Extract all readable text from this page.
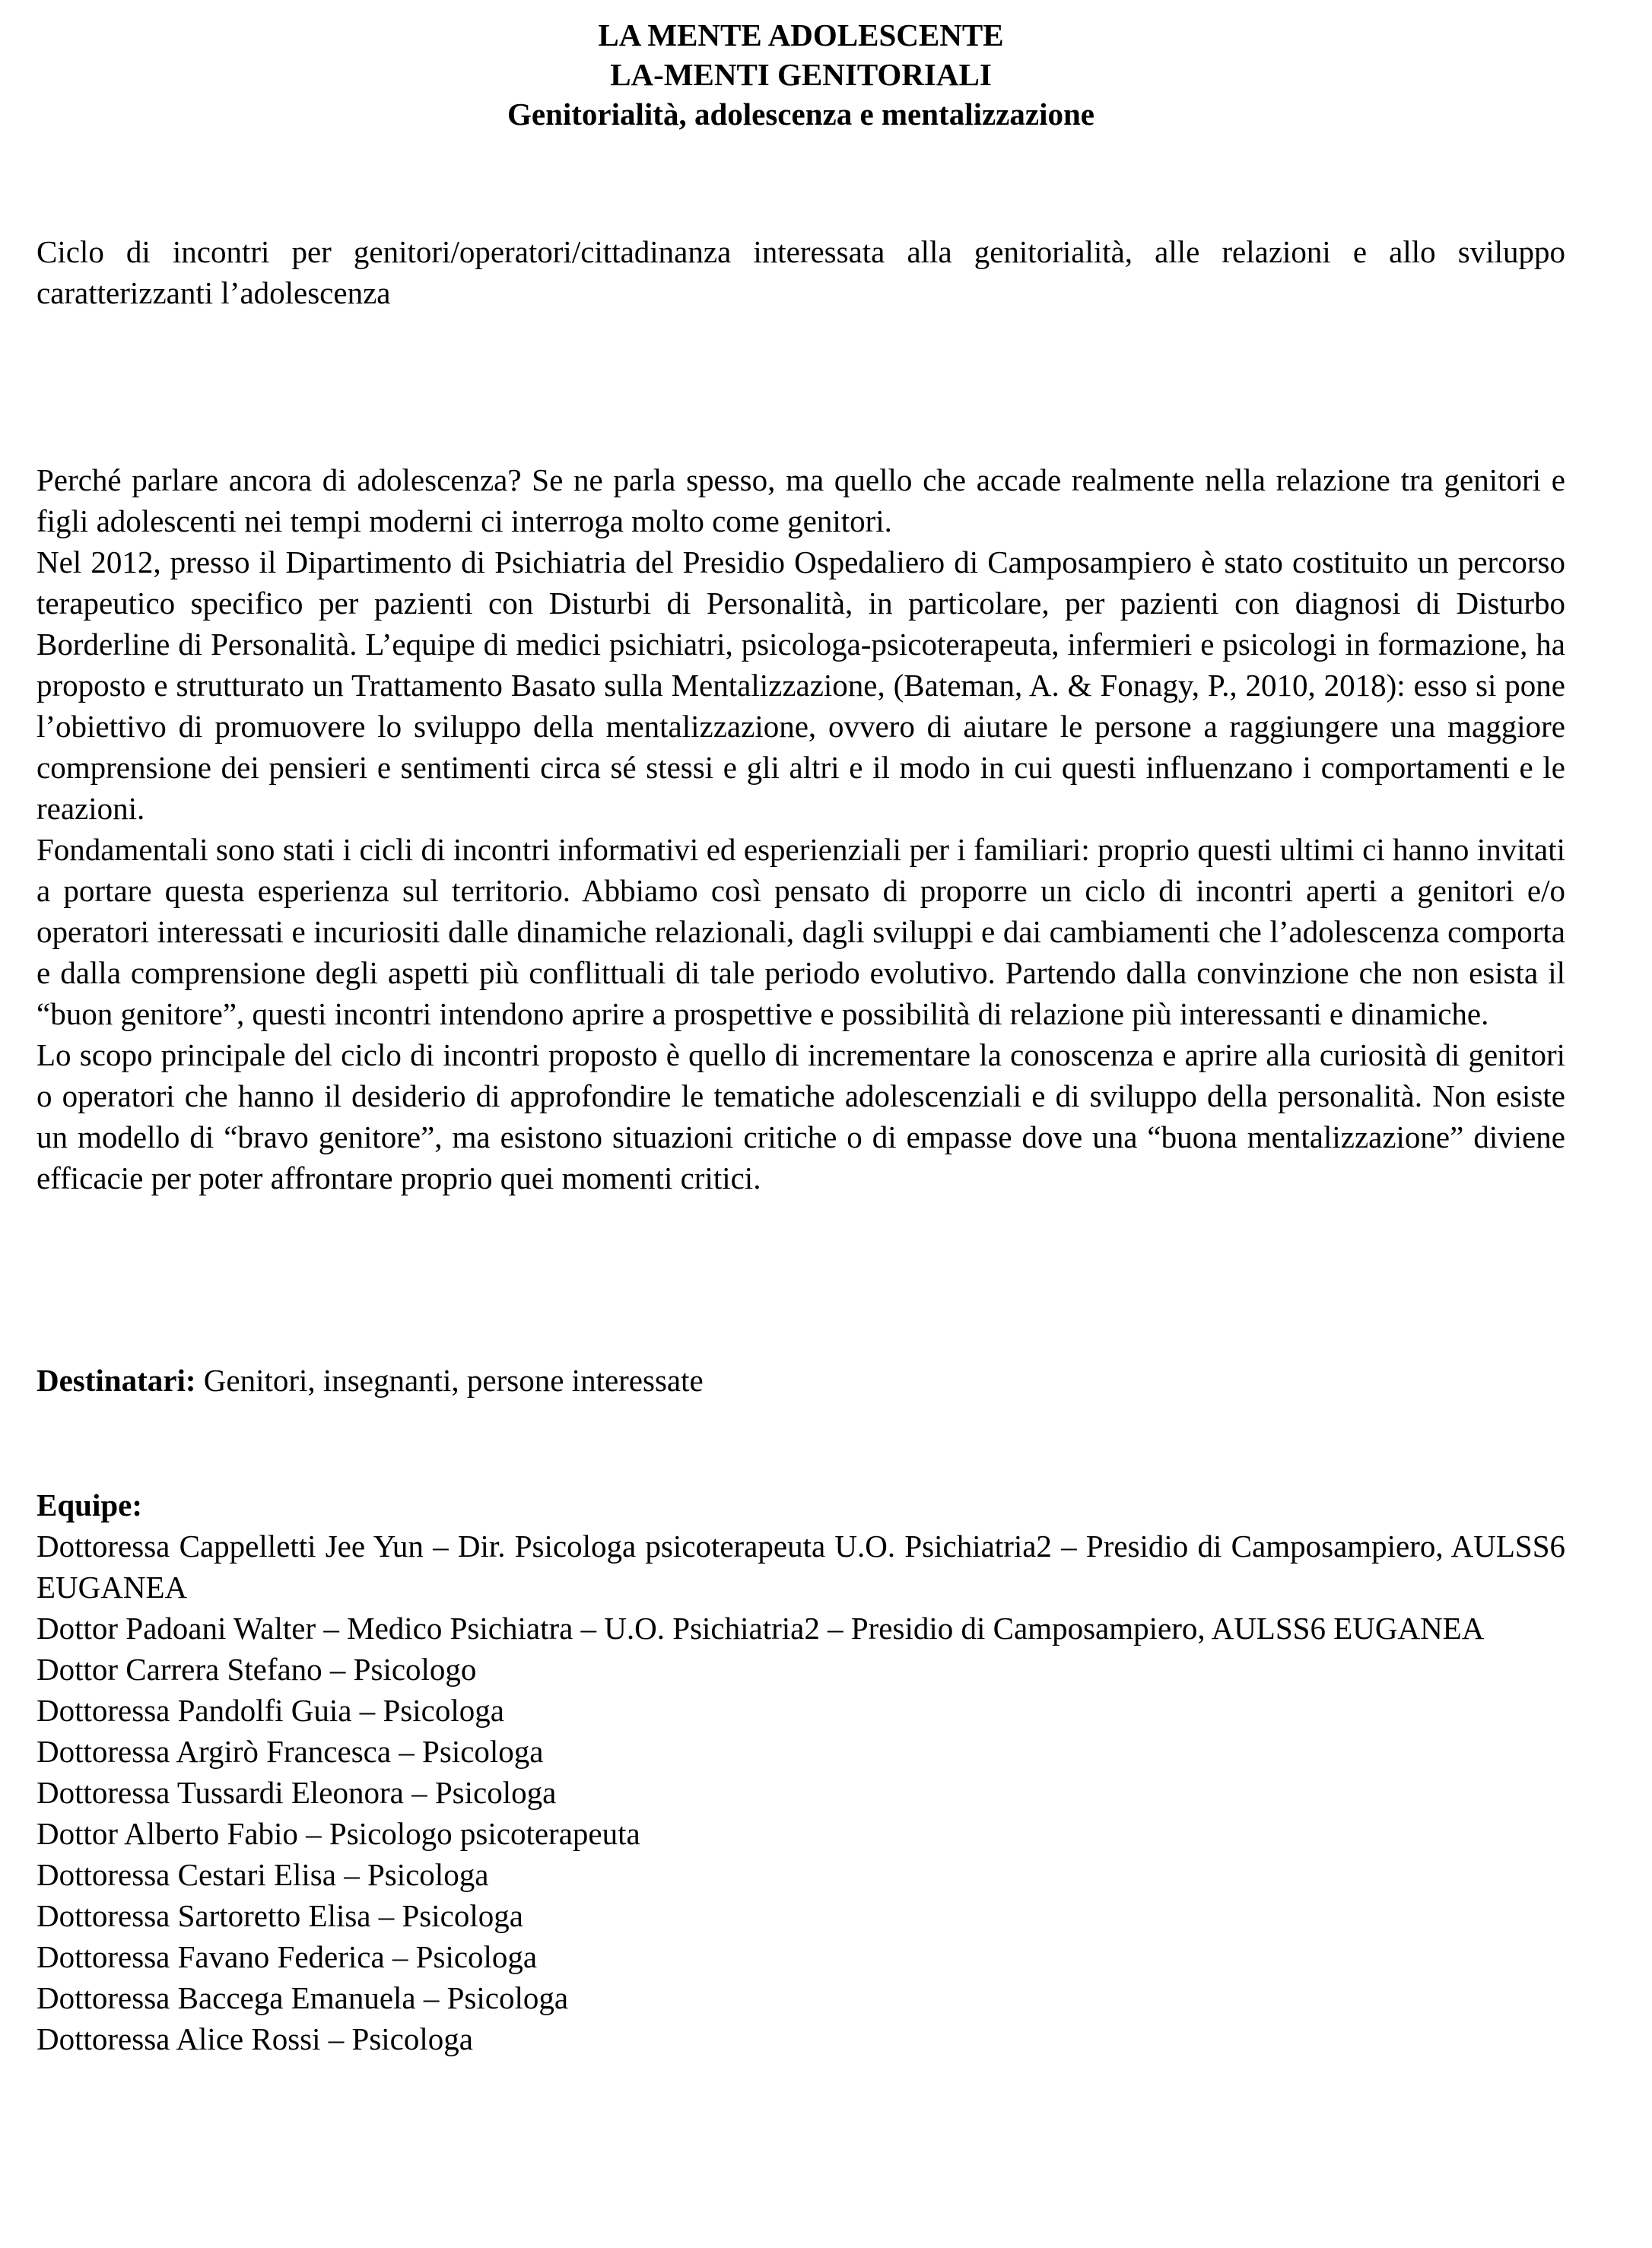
LA MENTE ADOLESCENTE
LA-MENTI GENITORIALI
Genitorialità, adolescenza e mentalizzazione
Ciclo di incontri per genitori/operatori/cittadinanza interessata alla genitorialità, alle relazioni e allo sviluppo caratterizzanti l’adolescenza

Perché parlare ancora di adolescenza? Se ne parla spesso, ma quello che accade realmente nella relazione tra genitori e figli adolescenti nei tempi moderni ci interroga molto come genitori.

Nel 2012, presso il Dipartimento di Psichiatria del Presidio Ospedaliero di Camposampiero è stato costituito un percorso terapeutico specifico per pazienti con Disturbi di Personalità, in particolare, per pazienti con diagnosi di Disturbo Borderline di Personalità. L’equipe di medici psichiatri, psicologa-psicoterapeuta, infermieri e psicologi in formazione, ha proposto e strutturato un Trattamento Basato sulla Mentalizzazione, (Bateman, A. & Fonagy, P., 2010, 2018): esso si pone l’obiettivo di promuovere lo sviluppo della mentalizzazione, ovvero di aiutare le persone a raggiungere una maggiore comprensione dei pensieri e sentimenti circa sé stessi e gli altri e il modo in cui questi influenzano i comportamenti e le reazioni.

Fondamentali sono stati i cicli di incontri informativi ed esperienziali per i familiari: proprio questi ultimi ci hanno invitati a portare questa esperienza sul territorio. Abbiamo così pensato di proporre un ciclo di incontri aperti a genitori e/o operatori interessati e incuriositi dalle dinamiche relazionali, dagli sviluppi e dai cambiamenti che l’adolescenza comporta e dalla comprensione degli aspetti più conflittuali di tale periodo evolutivo. Partendo dalla convinzione che non esista il “buon genitore”, questi incontri intendono aprire a prospettive e possibilità di relazione più interessanti e dinamiche.

Lo scopo principale del ciclo di incontri proposto è quello di incrementare la conoscenza e aprire alla curiosità di genitori o operatori che hanno il desiderio di approfondire le tematiche adolescenziali e di sviluppo della personalità. Non esiste un modello di “bravo genitore”, ma esistono situazioni critiche o di empasse dove una “buona mentalizzazione” diviene efficacie per poter affrontare proprio quei momenti critici.

Destinatari: Genitori, insegnanti, persone interessate
Equipe:
Dottoressa Cappelletti Jee Yun – Dir. Psicologa psicoterapeuta U.O. Psichiatria2 – Presidio di Camposampiero, AULSS6 EUGANEA
Dottor Padoani Walter – Medico Psichiatra – U.O. Psichiatria2 – Presidio di Camposampiero, AULSS6 EUGANEA
Dottor Carrera Stefano – Psicologo
Dottoressa Pandolfi Guia – Psicologa
Dottoressa Argirò Francesca – Psicologa
Dottoressa Tussardi Eleonora – Psicologa
Dottor Alberto Fabio – Psicologo psicoterapeuta
Dottoressa Cestari Elisa – Psicologa
Dottoressa Sartoretto Elisa – Psicologa
Dottoressa Favano Federica – Psicologa
Dottoressa Baccega Emanuela – Psicologa
Dottoressa Alice Rossi – Psicologa
